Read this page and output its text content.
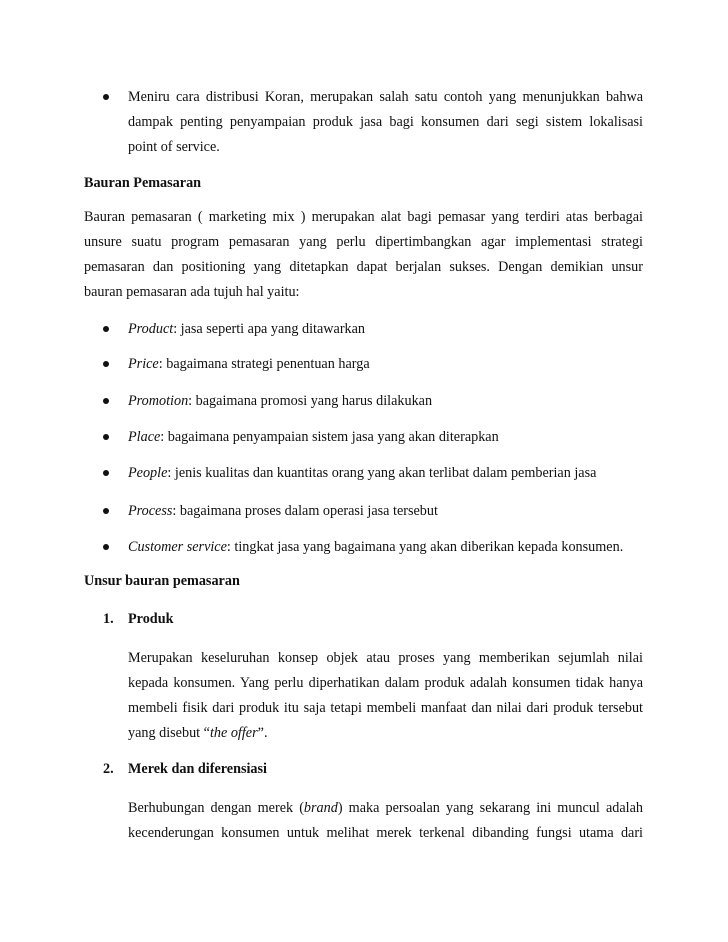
Meniru cara distribusi Koran, merupakan salah satu contoh yang menunjukkan bahwa
dampak penting penyampaian produk jasa bagi konsumen dari segi sistem lokalisasi
point of service.
Bauran Pemasaran
Bauran pemasaran ( marketing mix ) merupakan alat bagi pemasar yang terdiri atas berbagai
unsure suatu program pemasaran yang perlu dipertimbangkan agar implementasi strategi
pemasaran dan positioning yang ditetapkan dapat berjalan sukses. Dengan demikian unsur
bauran pemasaran ada tujuh hal yaitu:
Product: jasa seperti apa yang ditawarkan
Price: bagaimana strategi penentuan harga
Promotion: bagaimana promosi yang harus dilakukan
Place: bagaimana penyampaian sistem jasa yang akan diterapkan
People: jenis kualitas dan kuantitas orang yang akan terlibat dalam pemberian jasa
Process: bagaimana proses dalam operasi jasa tersebut
Customer service: tingkat jasa yang bagaimana yang akan diberikan kepada konsumen.
Unsur bauran pemasaran
1. Produk
Merupakan keseluruhan konsep objek atau proses yang memberikan sejumlah nilai
kepada konsumen. Yang perlu diperhatikan dalam produk adalah konsumen tidak hanya
membeli fisik dari produk itu saja tetapi membeli manfaat dan nilai dari produk tersebut
yang disebut “the offer”.
2. Merek dan diferensiasi
Berhubungan dengan merek (brand) maka persoalan yang sekarang ini muncul adalah
kecenderungan konsumen untuk melihat merek terkenal dibanding fungsi utama dari
